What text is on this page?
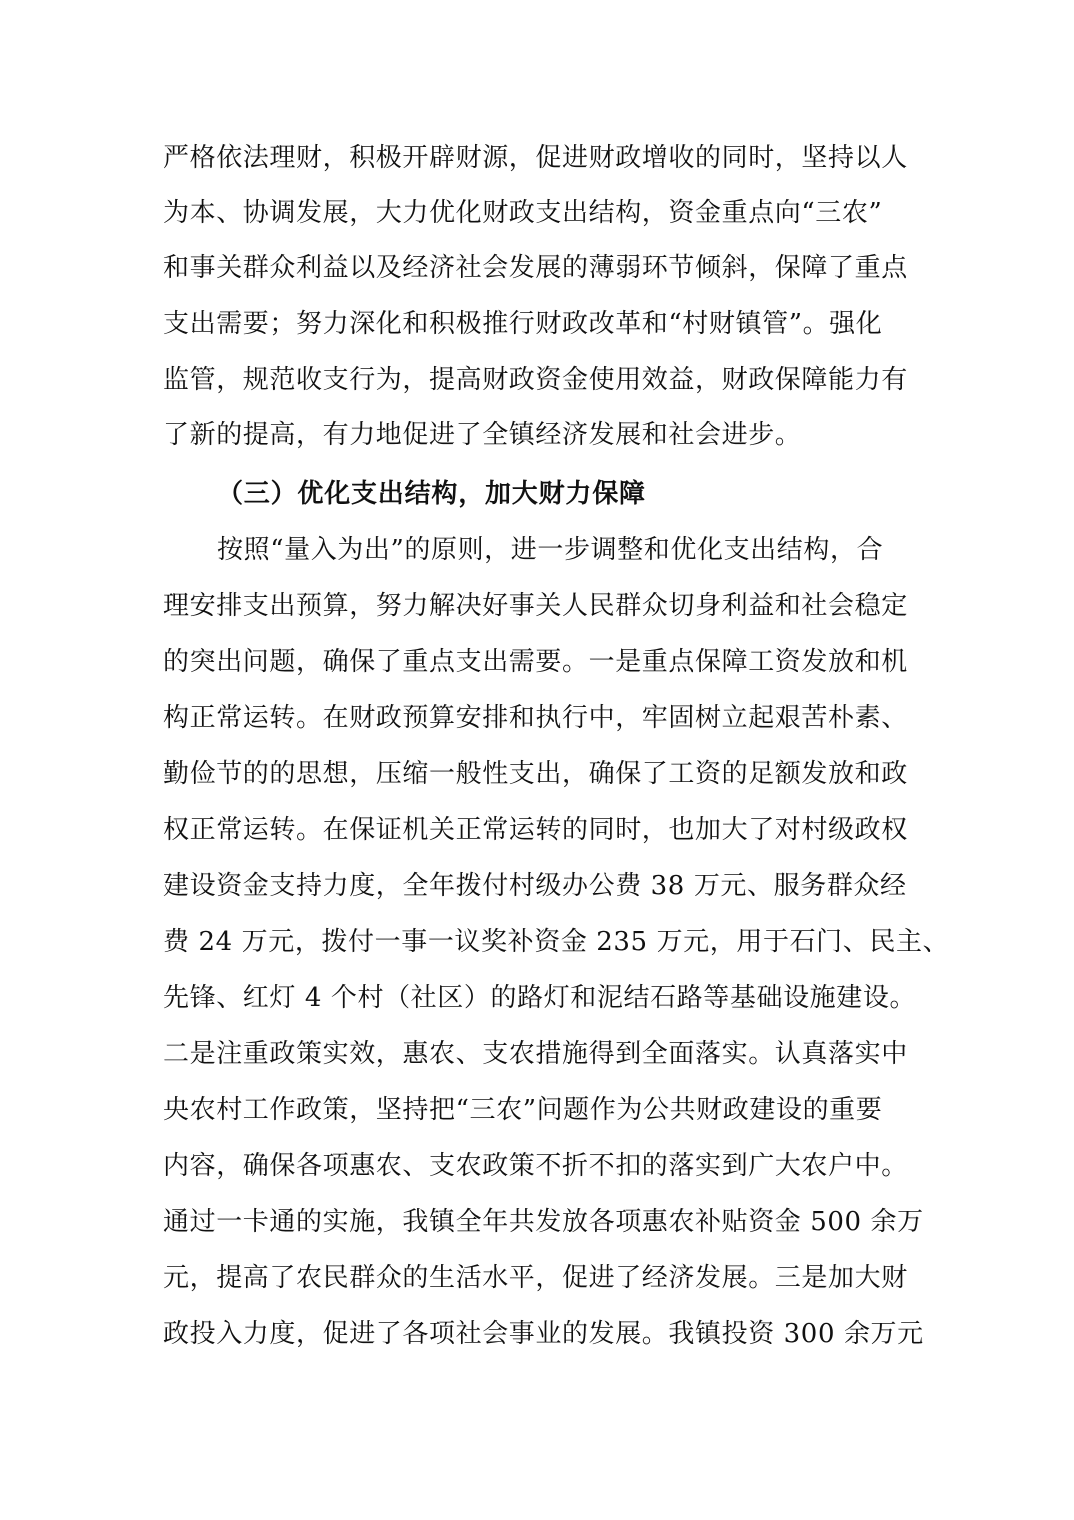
严格依法理财，积极开辟财源，促进财政增收的同时，坚持以人
为本、协调发展，大力优化财政支出结构，资金重点向“三农”
和事关群众利益以及经济社会发展的薄弱环节倾斜，保障了重点
支出需要；努力深化和积极推行财政改革和“村财镇管”。强化
监管，规范收支行为，提高财政资金使用效益，财政保障能力有
了新的提高，有力地促进了全镇经济发展和社会进步。
（三）优化支出结构，加大财力保障
按照“量入为出”的原则，进一步调整和优化支出结构，合
理安排支出预算，努力解决好事关人民群众切身利益和社会稳定
的突出问题，确保了重点支出需要。一是重点保障工资发放和机
构正常运转。在财政预算安排和执行中，牢固树立起艰苦朴素、
勤俭节的的思想，压缩一般性支出，确保了工资的足额发放和政
权正常运转。在保证机关正常运转的同时，也加大了对村级政权
建设资金支持力度，全年拨付村级办公费 38 万元、服务群众经
费 24 万元，拨付一事一议奖补资金 235 万元，用于石门、民主、
先锋、红灯 4 个村（社区）的路灯和泥结石路等基础设施建设。
二是注重政策实效，惠农、支农措施得到全面落实。认真落实中
央农村工作政策，坚持把“三农”问题作为公共财政建设的重要
内容，确保各项惠农、支农政策不折不扣的落实到广大农户中。
通过一卡通的实施，我镇全年共发放各项惠农补贴资金 500 余万
元，提高了农民群众的生活水平，促进了经济发展。三是加大财
政投入力度，促进了各项社会事业的发展。我镇投资 300 余万元
